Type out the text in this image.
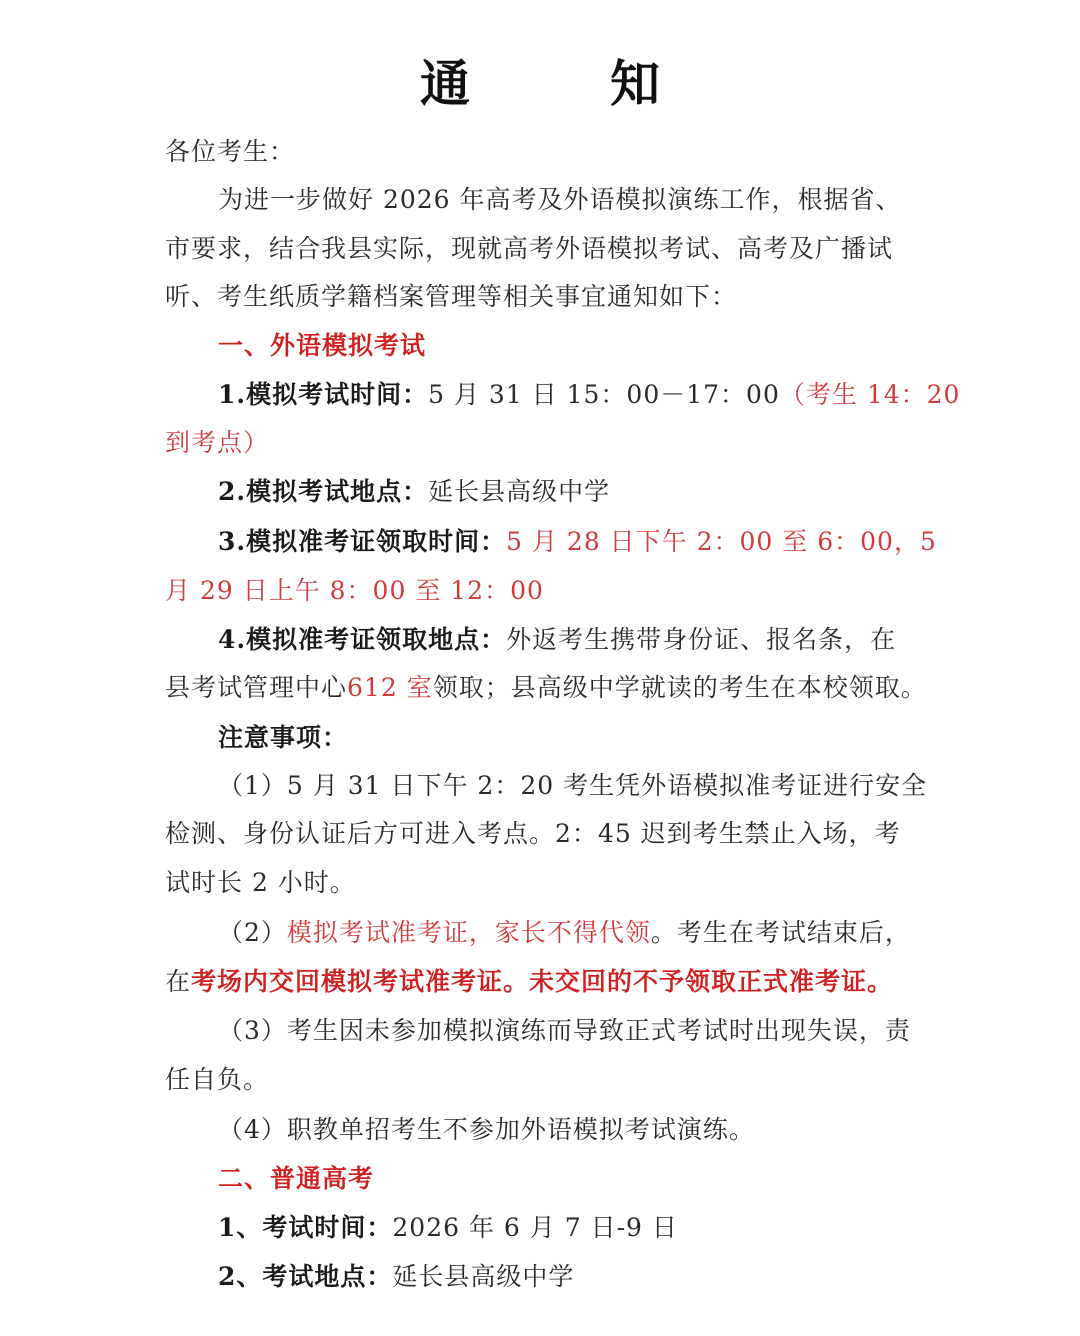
通	知
各位考生：
为进一步做好 2026 年高考及外语模拟演练工作，根据省、
市要求，结合我县实际，现就高考外语模拟考试、高考及广播试
听、考生纸质学籍档案管理等相关事宜通知如下：
一、外语模拟考试
1.模拟考试时间：5 月 31 日 15：00－17：00（考生 14：20
到考点）
2.模拟考试地点：延长县高级中学
3.模拟准考证领取时间：5 月 28 日下午 2：00 至 6：00，5
月 29 日上午 8：00 至 12：00
4.模拟准考证领取地点：外返考生携带身份证、报名条，在
县考试管理中心612 室领取；县高级中学就读的考生在本校领取。
注意事项：
（1）5 月 31 日下午 2：20 考生凭外语模拟准考证进行安全
检测、身份认证后方可进入考点。2：45 迟到考生禁止入场，考
试时长 2 小时。
（2）模拟考试准考证，家长不得代领。考生在考试结束后，
在考场内交回模拟考试准考证。未交回的不予领取正式准考证。
（3）考生因未参加模拟演练而导致正式考试时出现失误，责
任自负。
（4）职教单招考生不参加外语模拟考试演练。
二、普通高考
1、考试时间：2026 年 6 月 7 日-9 日
2、考试地点：延长县高级中学
